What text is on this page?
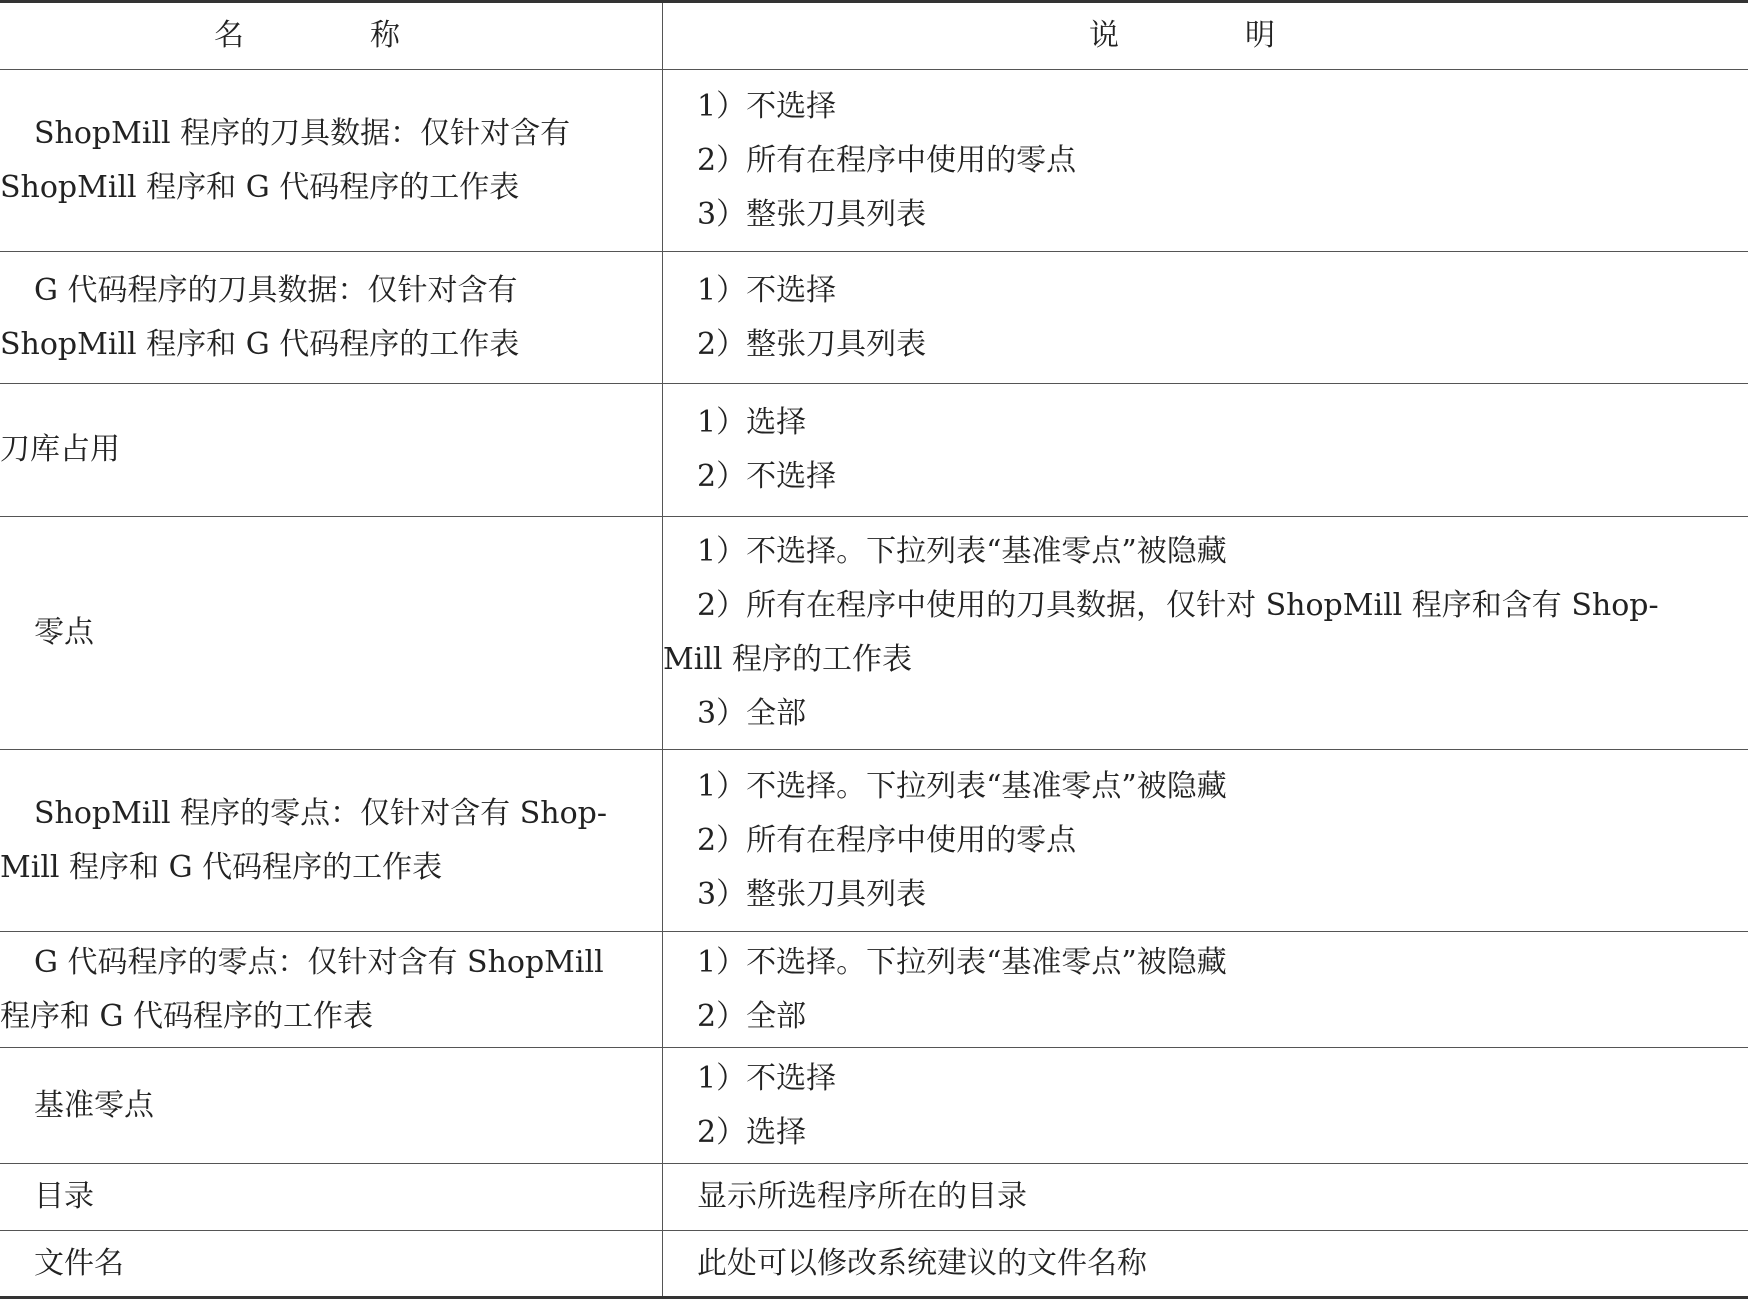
名　称	说　明

ShopMill 程序的刀具数据：仅针对含有
ShopMill 程序和 G 代码程序的工作表	1）不选择
2）所有在程序中使用的零点
3）整张刀具列表

G 代码程序的刀具数据：仅针对含有
ShopMill 程序和 G 代码程序的工作表	1）不选择
2）整张刀具列表

刀库占用	1）选择
2）不选择

零点	1）不选择。下拉列表“基准零点”被隐藏
2）所有在程序中使用的刀具数据，仅针对 ShopMill 程序和含有 Shop-
Mill 程序的工作表
3）全部

ShopMill 程序的零点：仅针对含有 Shop-
Mill 程序和 G 代码程序的工作表	1）不选择。下拉列表“基准零点”被隐藏
2）所有在程序中使用的零点
3）整张刀具列表

G 代码程序的零点：仅针对含有 ShopMill
程序和 G 代码程序的工作表	1）不选择。下拉列表“基准零点”被隐藏
2）全部

基准零点	1）不选择
2）选择

目录	显示所选程序所在的目录

文件名	此处可以修改系统建议的文件名称
